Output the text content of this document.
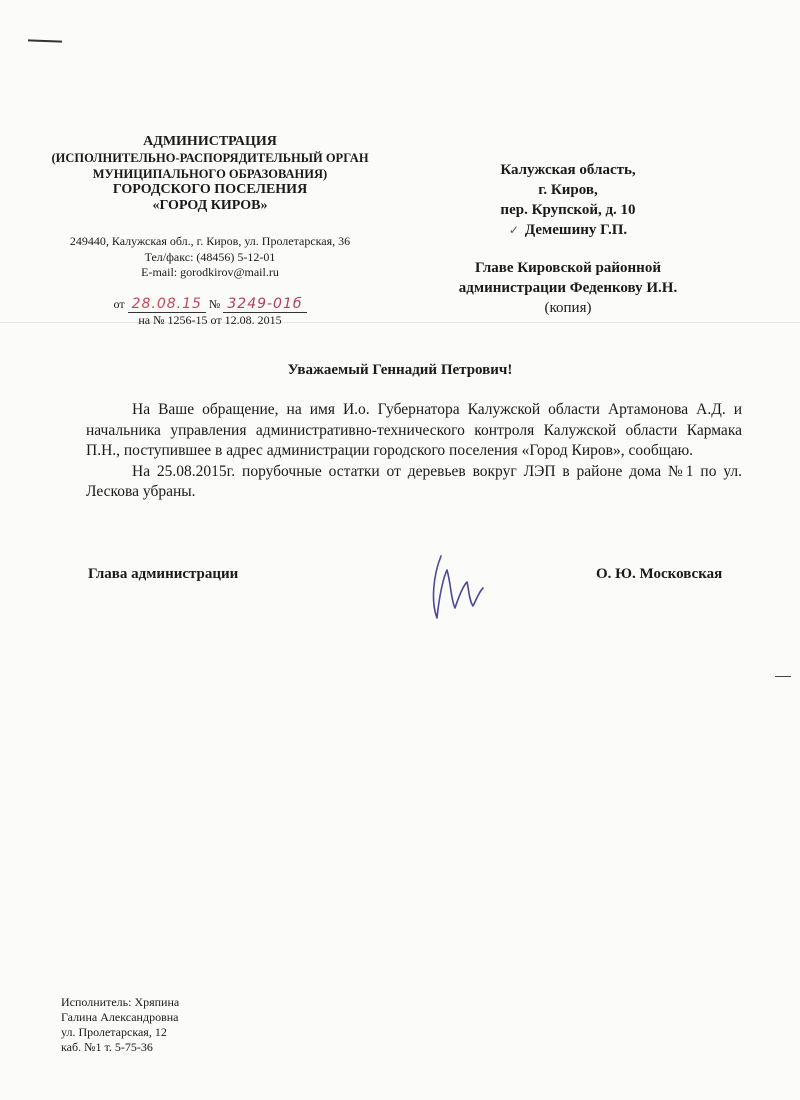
АДМИНИСТРАЦИЯ
(ИСПОЛНИТЕЛЬНО-РАСПОРЯДИТЕЛЬНЫЙ ОРГАН
МУНИЦИПАЛЬНОГО ОБРАЗОВАНИЯ)
ГОРОДСКОГО ПОСЕЛЕНИЯ
«ГОРОД КИРОВ»
249440, Калужская обл., г. Киров, ул. Пролетарская, 36
Тел/факс: (48456) 5-12-01
E-mail: gorodkirov@mail.ru
от 28.08.15 № 3249-01б
на № 1256-15 от 12.08. 2015
Калужская область,
г. Киров,
пер. Крупской, д. 10
✓ Демешину Г.П.
Главе Кировской районной
администрации Феденкову И.Н.
(копия)
Уважаемый Геннадий Петрович!

На Ваше обращение, на имя И.о. Губернатора Калужской области Артамонова А.Д. и начальника управления административно-технического контроля Калужской области Кармака П.Н., поступившее в адрес администрации городского поселения «Город Киров», сообщаю.

На 25.08.2015г. порубочные остатки от деревьев вокруг ЛЭП в районе дома №1 по ул. Лескова убраны.

Глава администрации	О. Ю. Московская
Исполнитель: Хряпина
Галина Александровна
ул. Пролетарская, 12
каб. №1 т. 5-75-36
